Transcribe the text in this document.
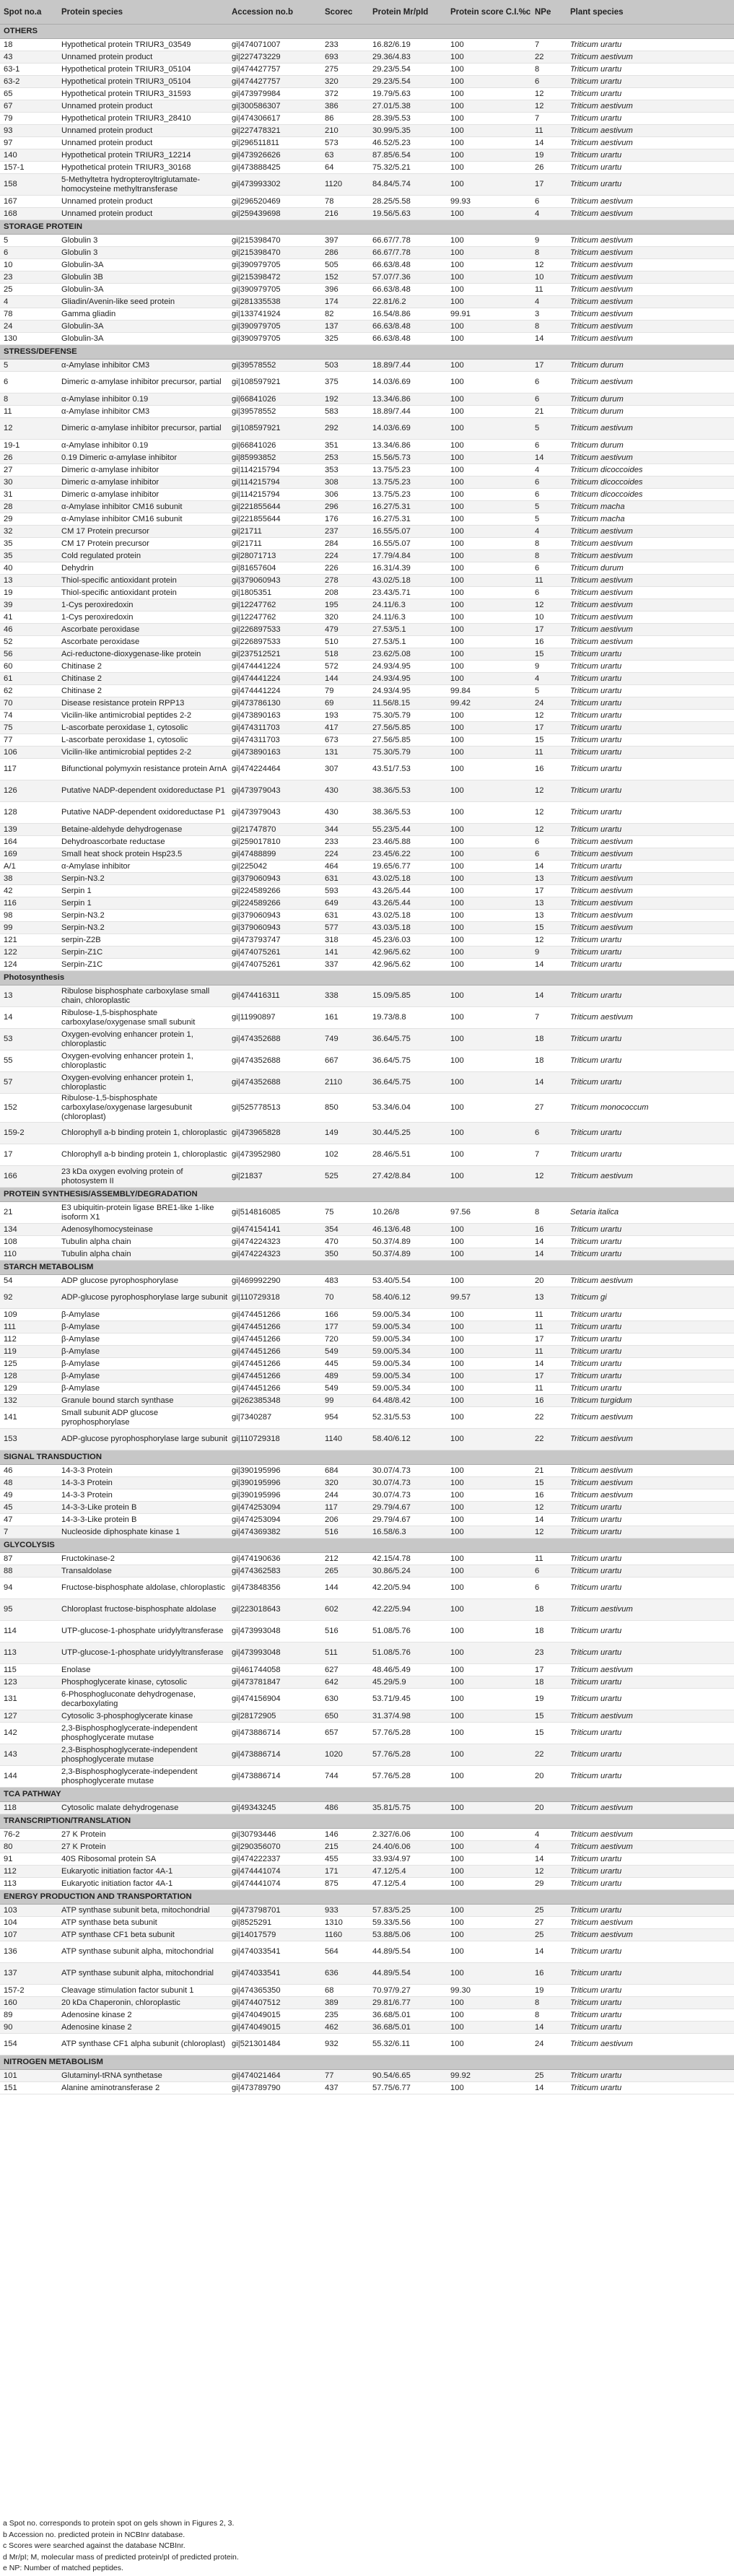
Spot no.a	Protein species	Accession no.b	Scorec	Protein Mr/pId	Protein score C.I.%c	NPe	Plant species
OTHERS							
18	Hypothetical protein TRIUR3_03549	gi|474071007	233	16.82/6.19	100	7	Triticum urartu
43	Unnamed protein product	gi|227473229	693	29.36/4.83	100	22	Triticum aestivum
63-1	Hypothetical protein TRIUR3_05104	gi|474427757	275	29.23/5.54	100	8	Triticum urartu
63-2	Hypothetical protein TRIUR3_05104	gi|474427757	320	29.23/5.54	100	6	Triticum urartu
65	Hypothetical protein TRIUR3_31593	gi|473979984	372	19.79/5.63	100	12	Triticum urartu
67	Unnamed protein product	gi|300586307	386	27.01/5.38	100	12	Triticum aestivum
79	Hypothetical protein TRIUR3_28410	gi|474306617	86	28.39/5.53	100	7	Triticum urartu
93	Unnamed protein product	gi|227478321	210	30.99/5.35	100	11	Triticum aestivum
97	Unnamed protein product	gi|296511811	573	46.52/5.23	100	14	Triticum aestivum
140	Hypothetical protein TRIUR3_12214	gi|473926626	63	87.85/6.54	100	19	Triticum urartu
157-1	Hypothetical protein TRIUR3_30168	gi|473888425	64	75.32/5.21	100	26	Triticum urartu
158	5-Methyltetra hydropteroyltriglutamate-homocysteine methyltransferase	gi|473993302	1120	84.84/5.74	100	17	Triticum urartu
167	Unnamed protein product	gi|296520469	78	28.25/5.58	99.93	6	Triticum aestivum
168	Unnamed protein product	gi|259439698	216	19.56/5.63	100	4	Triticum aestivum
STORAGE PROTEIN							
5	Globulin 3	gi|215398470	397	66.67/7.78	100	9	Triticum aestivum
6	Globulin 3	gi|215398470	286	66.67/7.78	100	8	Triticum aestivum
10	Globulin-3A	gi|390979705	505	66.63/8.48	100	12	Triticum aestivum
23	Globulin 3B	gi|215398472	152	57.07/7.36	100	10	Triticum aestivum
25	Globulin-3A	gi|390979705	396	66.63/8.48	100	11	Triticum aestivum
4	Gliadin/Avenin-like seed protein	gi|281335538	174	22.81/6.2	100	4	Triticum aestivum
78	Gamma gliadin	gi|133741924	82	16.54/8.86	99.91	3	Triticum aestivum
24	Globulin-3A	gi|390979705	137	66.63/8.48	100	8	Triticum aestivum
130	Globulin-3A	gi|390979705	325	66.63/8.48	100	14	Triticum aestivum
STRESS/DEFENSE							
5	α-Amylase inhibitor CM3	gi|39578552	503	18.89/7.44	100	17	Triticum durum
6	Dimeric α-amylase inhibitor precursor, partial	gi|108597921	375	14.03/6.69	100	6	Triticum aestivum
8	α-Amylase inhibitor 0.19	gi|66841026	192	13.34/6.86	100	6	Triticum durum
11	α-Amylase inhibitor CM3	gi|39578552	583	18.89/7.44	100	21	Triticum durum
12	Dimeric α-amylase inhibitor precursor, partial	gi|108597921	292	14.03/6.69	100	5	Triticum aestivum
19-1	α-Amylase inhibitor 0.19	gi|66841026	351	13.34/6.86	100	6	Triticum durum
26	0.19 Dimeric α-amylase inhibitor	gi|85993852	253	15.56/5.73	100	14	Triticum aestivum
27	Dimeric α-amylase inhibitor	gi|114215794	353	13.75/5.23	100	4	Triticum dicoccoides
30	Dimeric α-amylase inhibitor	gi|114215794	308	13.75/5.23	100	6	Triticum dicoccoides
31	Dimeric α-amylase inhibitor	gi|114215794	306	13.75/5.23	100	6	Triticum dicoccoides
28	α-Amylase inhibitor CM16 subunit	gi|221855644	296	16.27/5.31	100	5	Triticum macha
29	α-Amylase inhibitor CM16 subunit	gi|221855644	176	16.27/5.31	100	5	Triticum macha
32	CM 17 Protein precursor	gi|21711	237	16.55/5.07	100	4	Triticum aestivum
35	CM 17 Protein precursor	gi|21711	284	16.55/5.07	100	8	Triticum aestivum
35	Cold regulated protein	gi|28071713	224	17.79/4.84	100	8	Triticum aestivum
40	Dehydrin	gi|81657604	226	16.31/4.39	100	6	Triticum durum
13	Thiol-specific antioxidant protein	gi|379060943	278	43.02/5.18	100	11	Triticum aestivum
19	Thiol-specific antioxidant protein	gi|1805351	208	23.43/5.71	100	6	Triticum aestivum
39	1-Cys peroxiredoxin	gi|12247762	195	24.11/6.3	100	12	Triticum aestivum
41	1-Cys peroxiredoxin	gi|12247762	320	24.11/6.3	100	10	Triticum aestivum
46	Ascorbate peroxidase	gi|226897533	479	27.53/5.1	100	17	Triticum aestivum
52	Ascorbate peroxidase	gi|226897533	510	27.53/5.1	100	16	Triticum aestivum
56	Aci-reductone-dioxygenase-like protein	gi|237512521	518	23.62/5.08	100	15	Triticum urartu
60	Chitinase 2	gi|474441224	572	24.93/4.95	100	9	Triticum urartu
61	Chitinase 2	gi|474441224	144	24.93/4.95	100	4	Triticum urartu
62	Chitinase 2	gi|474441224	79	24.93/4.95	99.84	5	Triticum urartu
70	Disease resistance protein RPP13	gi|473786130	69	11.56/8.15	99.42	24	Triticum urartu
74	Vicilin-like antimicrobial peptides 2-2	gi|473890163	193	75.30/5.79	100	12	Triticum urartu
75	L-ascorbate peroxidase 1, cytosolic	gi|474311703	417	27.56/5.85	100	17	Triticum urartu
77	L-ascorbate peroxidase 1, cytosolic	gi|474311703	673	27.56/5.85	100	15	Triticum urartu
106	Vicilin-like antimicrobial peptides 2-2	gi|473890163	131	75.30/5.79	100	11	Triticum urartu
117	Bifunctional polymyxin resistance protein ArnA	gi|474224464	307	43.51/7.53	100	16	Triticum urartu
126	Putative NADP-dependent oxidoreductase P1	gi|473979043	430	38.36/5.53	100	12	Triticum urartu
128	Putative NADP-dependent oxidoreductase P1	gi|473979043	430	38.36/5.53	100	12	Triticum urartu
139	Betaine-aldehyde dehydrogenase	gi|21747870	344	55.23/5.44	100	12	Triticum urartu
164	Dehydroascorbate reductase	gi|259017810	233	23.46/5.88	100	6	Triticum aestivum
169	Small heat shock protein Hsp23.5	gi|47488899	224	23.45/6.22	100	6	Triticum aestivum
A/1	α-Amylase inhibitor	gi|225042	464	19.65/6.77	100	14	Triticum urartu
38	Serpin-N3.2	gi|379060943	631	43.02/5.18	100	13	Triticum aestivum
42	Serpin 1	gi|224589266	593	43.26/5.44	100	17	Triticum aestivum
116	Serpin 1	gi|224589266	649	43.26/5.44	100	13	Triticum aestivum
98	Serpin-N3.2	gi|379060943	631	43.02/5.18	100	13	Triticum aestivum
99	Serpin-N3.2	gi|379060943	577	43.03/5.18	100	15	Triticum aestivum
121	serpin-Z2B	gi|473793747	318	45.23/6.03	100	12	Triticum urartu
122	Serpin-Z1C	gi|474075261	141	42.96/5.62	100	9	Triticum urartu
124	Serpin-Z1C	gi|474075261	337	42.96/5.62	100	14	Triticum urartu
Photosynthesis							
13	Ribulose bisphosphate carboxylase small chain, chloroplastic	gi|474416311	338	15.09/5.85	100	14	Triticum urartu
14	Ribulose-1,5-bisphosphate carboxylase/oxygenase small subunit	gi|11990897	161	19.73/8.8	100	7	Triticum aestivum
53	Oxygen-evolving enhancer protein 1, chloroplastic	gi|474352688	749	36.64/5.75	100	18	Triticum urartu
55	Oxygen-evolving enhancer protein 1, chloroplastic	gi|474352688	667	36.64/5.75	100	18	Triticum urartu
57	Oxygen-evolving enhancer protein 1, chloroplastic	gi|474352688	2110	36.64/5.75	100	14	Triticum urartu
152	Ribulose-1,5-bisphosphate carboxylase/oxygenase largesubunit (chloroplast)	gi|525778513	850	53.34/6.04	100	27	Triticum monococcum
159-2	Chlorophyll a-b binding protein 1, chloroplastic	gi|473965828	149	30.44/5.25	100	6	Triticum urartu
17	Chlorophyll a-b binding protein 1, chloroplastic	gi|473952980	102	28.46/5.51	100	7	Triticum urartu
166	23 kDa oxygen evolving protein of photosystem II	gi|21837	525	27.42/8.84	100	12	Triticum aestivum
PROTEIN SYNTHESIS/ASSEMBLY/DEGRADATION							
21	E3 ubiquitin-protein ligase BRE1-like 1-like isoform X1	gi|514816085	75	10.26/8	97.56	8	Setaria italica
134	Adenosylhomocysteinase	gi|474154141	354	46.13/6.48	100	16	Triticum urartu
108	Tubulin alpha chain	gi|474224323	470	50.37/4.89	100	14	Triticum urartu
110	Tubulin alpha chain	gi|474224323	350	50.37/4.89	100	14	Triticum urartu
STARCH METABOLISM							
54	ADP glucose pyrophosphorylase	gi|469992290	483	53.40/5.54	100	20	Triticum aestivum
92	ADP-glucose pyrophosphorylase large subunit	gi|110729318	70	58.40/6.12	99.57	13	Triticum gi
109	β-Amylase	gi|474451266	166	59.00/5.34	100	11	Triticum urartu
111	β-Amylase	gi|474451266	177	59.00/5.34	100	11	Triticum urartu
112	β-Amylase	gi|474451266	720	59.00/5.34	100	17	Triticum urartu
119	β-Amylase	gi|474451266	549	59.00/5.34	100	11	Triticum urartu
125	β-Amylase	gi|474451266	445	59.00/5.34	100	14	Triticum urartu
128	β-Amylase	gi|474451266	489	59.00/5.34	100	17	Triticum urartu
129	β-Amylase	gi|474451266	549	59.00/5.34	100	11	Triticum urartu
132	Granule bound starch synthase	gi|262385348	99	64.48/8.42	100	16	Triticum turgidum
141	Small subunit ADP glucose pyrophosphorylase	gi|7340287	954	52.31/5.53	100	22	Triticum aestivum
153	ADP-glucose pyrophosphorylase large subunit	gi|110729318	1140	58.40/6.12	100	22	Triticum aestivum
SIGNAL TRANSDUCTION							
46	14-3-3 Protein	gi|390195996	684	30.07/4.73	100	21	Triticum aestivum
48	14-3-3 Protein	gi|390195996	320	30.07/4.73	100	15	Triticum aestivum
49	14-3-3 Protein	gi|390195996	244	30.07/4.73	100	16	Triticum aestivum
45	14-3-3-Like protein B	gi|474253094	117	29.79/4.67	100	12	Triticum urartu
47	14-3-3-Like protein B	gi|474253094	206	29.79/4.67	100	14	Triticum urartu
7	Nucleoside diphosphate kinase 1	gi|474369382	516	16.58/6.3	100	12	Triticum urartu
GLYCOLYSIS							
87	Fructokinase-2	gi|474190636	212	42.15/4.78	100	11	Triticum urartu
88	Transaldolase	gi|474362583	265	30.86/5.24	100	6	Triticum urartu
94	Fructose-bisphosphate aldolase, chloroplastic	gi|473848356	144	42.20/5.94	100	6	Triticum urartu
95	Chloroplast fructose-bisphosphate aldolase	gi|223018643	602	42.22/5.94	100	18	Triticum aestivum
114	UTP-glucose-1-phosphate uridylyltransferase	gi|473993048	516	51.08/5.76	100	18	Triticum urartu
113	UTP-glucose-1-phosphate uridylyltransferase	gi|473993048	511	51.08/5.76	100	23	Triticum urartu
115	Enolase	gi|461744058	627	48.46/5.49	100	17	Triticum aestivum
123	Phosphoglycerate kinase, cytosolic	gi|473781847	642	45.29/5.9	100	18	Triticum urartu
131	6-Phosphogluconate dehydrogenase, decarboxylating	gi|474156904	630	53.71/9.45	100	19	Triticum urartu
127	Cytosolic 3-phosphoglycerate kinase	gi|28172905	650	31.37/4.98	100	15	Triticum aestivum
142	2,3-Bisphosphoglycerate-independent phosphoglycerate mutase	gi|473886714	657	57.76/5.28	100	15	Triticum urartu
143	2,3-Bisphosphoglycerate-independent phosphoglycerate mutase	gi|473886714	1020	57.76/5.28	100	22	Triticum urartu
144	2,3-Bisphosphoglycerate-independent phosphoglycerate mutase	gi|473886714	744	57.76/5.28	100	20	Triticum urartu
TCA PATHWAY							
118	Cytosolic malate dehydrogenase	gi|49343245	486	35.81/5.75	100	20	Triticum aestivum
TRANSCRIPTION/TRANSLATION							
76-2	27 K Protein	gi|30793446	146	2.327/6.06	100	4	Triticum aestivum
80	27 K Protein	gi|290356070	215	24.40/6.06	100	4	Triticum aestivum
91	40S Ribosomal protein SA	gi|474222337	455	33.93/4.97	100	14	Triticum urartu
112	Eukaryotic initiation factor 4A-1	gi|474441074	171	47.12/5.4	100	12	Triticum urartu
113	Eukaryotic initiation factor 4A-1	gi|474441074	875	47.12/5.4	100	29	Triticum urartu
ENERGY PRODUCTION AND TRANSPORTATION							
103	ATP synthase subunit beta, mitochondrial	gi|473798701	933	57.83/5.25	100	25	Triticum urartu
104	ATP synthase beta subunit	gi|8525291	1310	59.33/5.56	100	27	Triticum aestivum
107	ATP synthase CF1 beta subunit	gi|14017579	1160	53.88/5.06	100	25	Triticum aestivum
136	ATP synthase subunit alpha, mitochondrial	gi|474033541	564	44.89/5.54	100	14	Triticum urartu
137	ATP synthase subunit alpha, mitochondrial	gi|474033541	636	44.89/5.54	100	16	Triticum urartu
157-2	Cleavage stimulation factor subunit 1	gi|474365350	68	70.97/9.27	99.30	19	Triticum urartu
160	20 kDa Chaperonin, chloroplastic	gi|474407512	389	29.81/6.77	100	8	Triticum urartu
89	Adenosine kinase 2	gi|474049015	235	36.68/5.01	100	8	Triticum urartu
90	Adenosine kinase 2	gi|474049015	462	36.68/5.01	100	14	Triticum urartu
154	ATP synthase CF1 alpha subunit (chloroplast)	gi|521301484	932	55.32/6.11	100	24	Triticum aestivum
NITROGEN METABOLISM							
101	Glutaminyl-tRNA synthetase	gi|474021464	77	90.54/6.65	99.92	25	Triticum urartu
151	Alanine aminotransferase 2	gi|473789790	437	57.75/6.77	100	14	Triticum urartu
a Spot no. corresponds to protein spot on gels shown in Figures 2, 3.
b Accession no. predicted protein in NCBInr database.
c Scores were searched against the database NCBInr.
d Mr/pI; M, molecular mass of predicted protein/pI of predicted protein.
e NP: Number of matched peptides.
